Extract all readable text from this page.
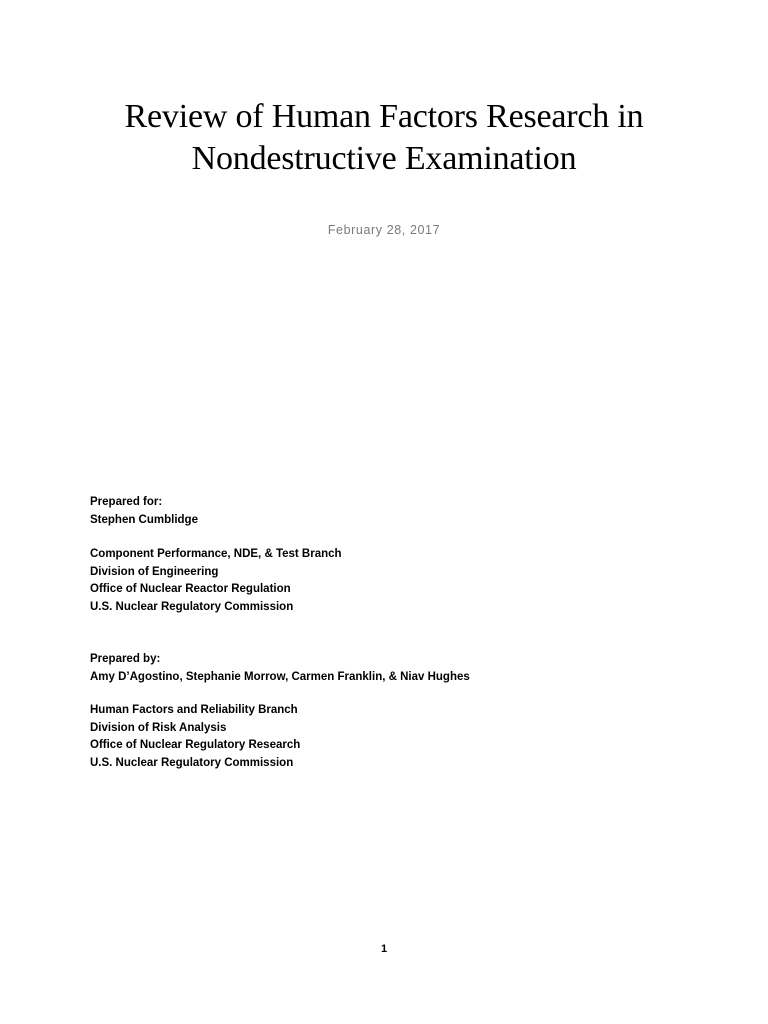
Review of Human Factors Research in
Nondestructive Examination
February 28, 2017
Prepared for:
Stephen Cumblidge
Component Performance, NDE, & Test Branch
Division of Engineering
Office of Nuclear Reactor Regulation
U.S. Nuclear Regulatory Commission
Prepared by:
Amy D’Agostino, Stephanie Morrow, Carmen Franklin, & Niav Hughes
Human Factors and Reliability Branch
Division of Risk Analysis
Office of Nuclear Regulatory Research
U.S. Nuclear Regulatory Commission
1
